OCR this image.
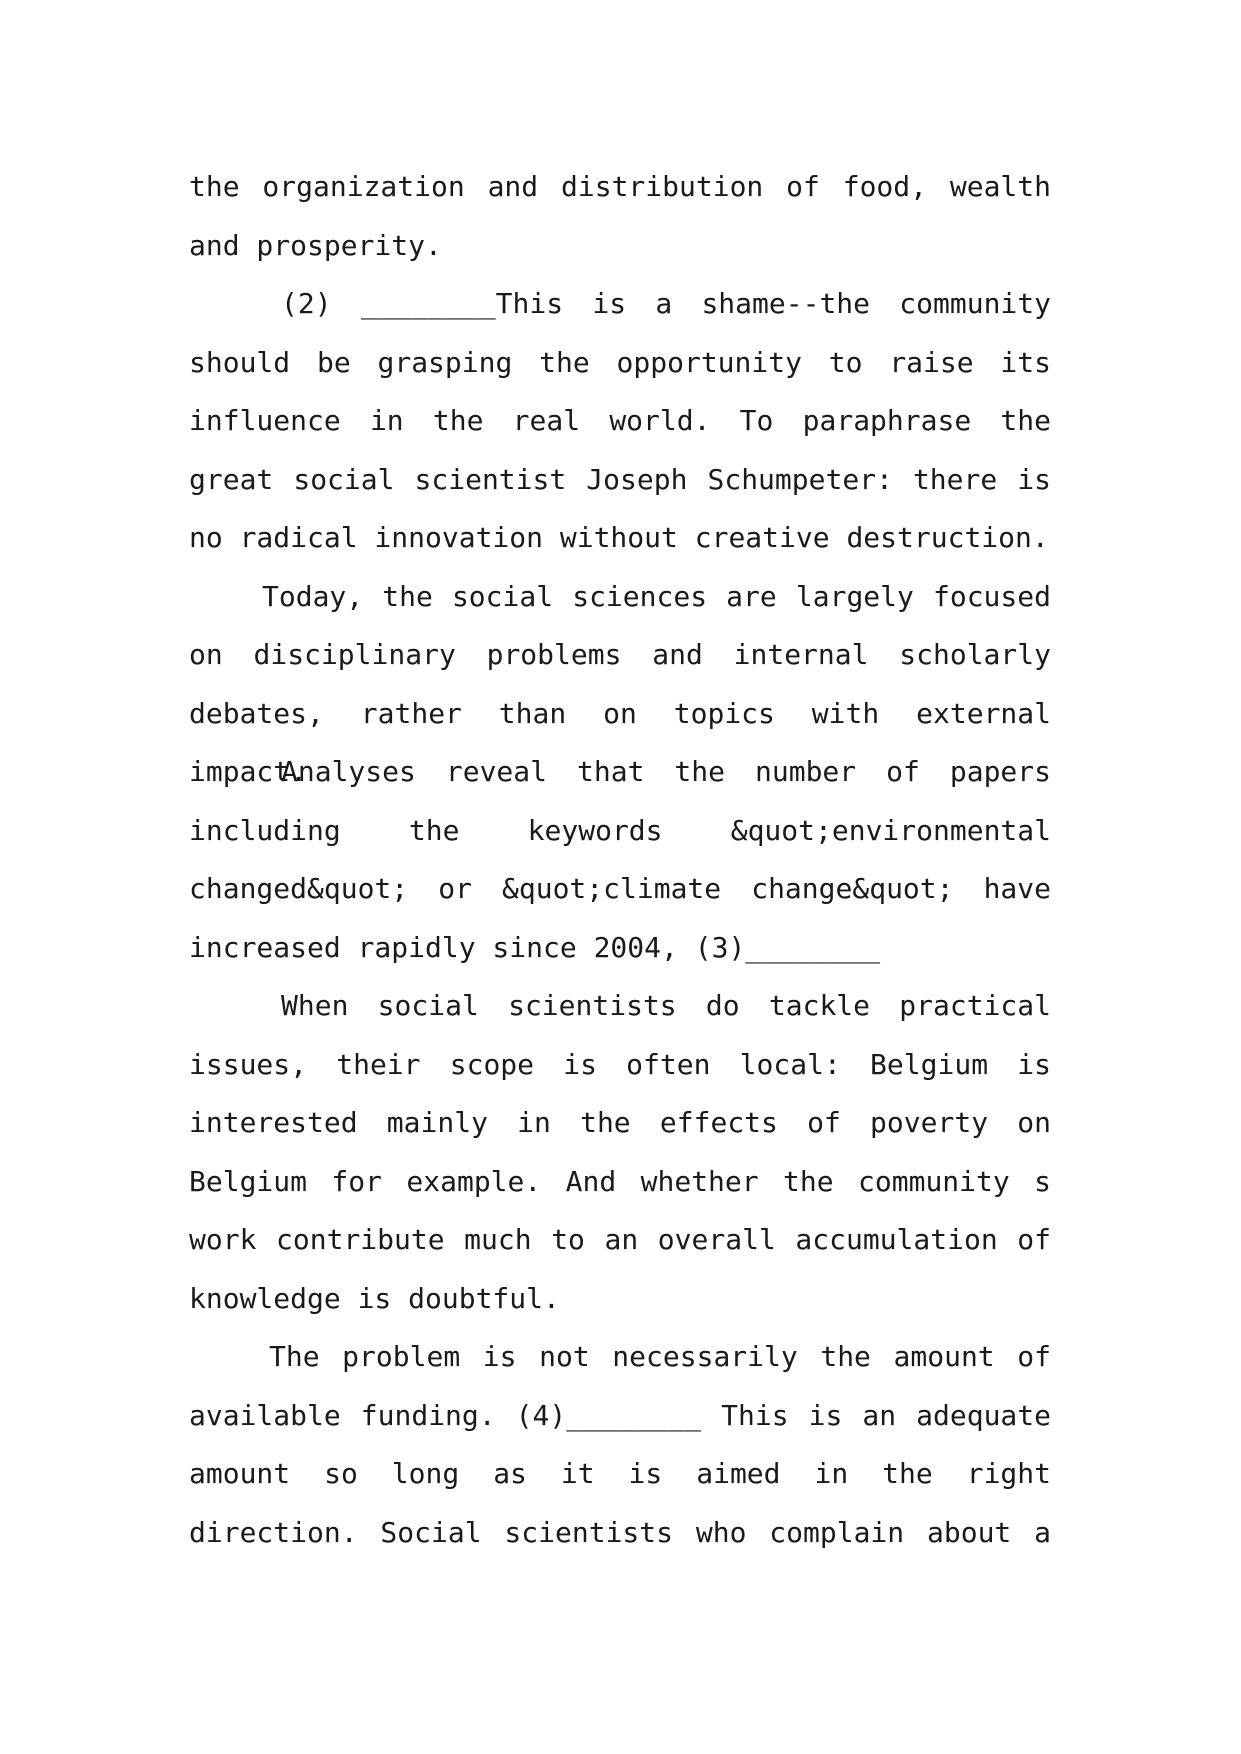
the organization and distribution of food, wealth
and prosperity.
(2) ________This is a shame--the community
should be grasping the opportunity to raise its
influence in the real world. To paraphrase the
great social scientist Joseph Schumpeter: there is
no radical innovation without creative destruction.
Today, the social sciences are largely focused
on disciplinary problems and internal scholarly
debates, rather than on topics with external impact.
Analyses reveal that the number of papers
including the keywords &quot;environmental
changed&quot; or &quot;climate change&quot; have
increased rapidly since 2004, (3)________
When social scientists do tackle practical
issues, their scope is often local: Belgium is
interested mainly in the effects of poverty on
Belgium for example. And whether the community s
work contribute much to an overall accumulation of
knowledge is doubtful.
The problem is not necessarily the amount of
available funding. (4)________ This is an adequate
amount so long as it is aimed in the right
direction. Social scientists who complain about a
